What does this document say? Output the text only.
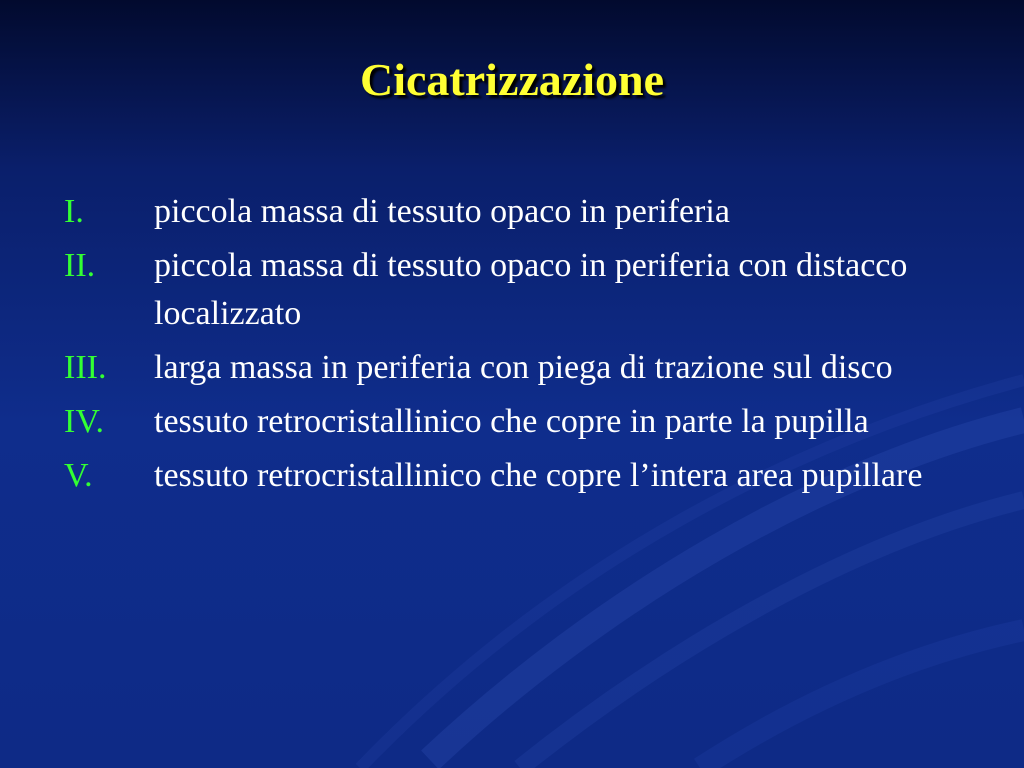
Cicatrizzazione
I.	piccola massa di tessuto opaco in periferia
II.	piccola massa di tessuto opaco in periferia con distacco localizzato
III.	larga massa in periferia con piega di trazione sul disco
IV.	tessuto retrocristallinico che copre in parte la pupilla
V.	tessuto retrocristallinico che copre l’intera area pupillare
